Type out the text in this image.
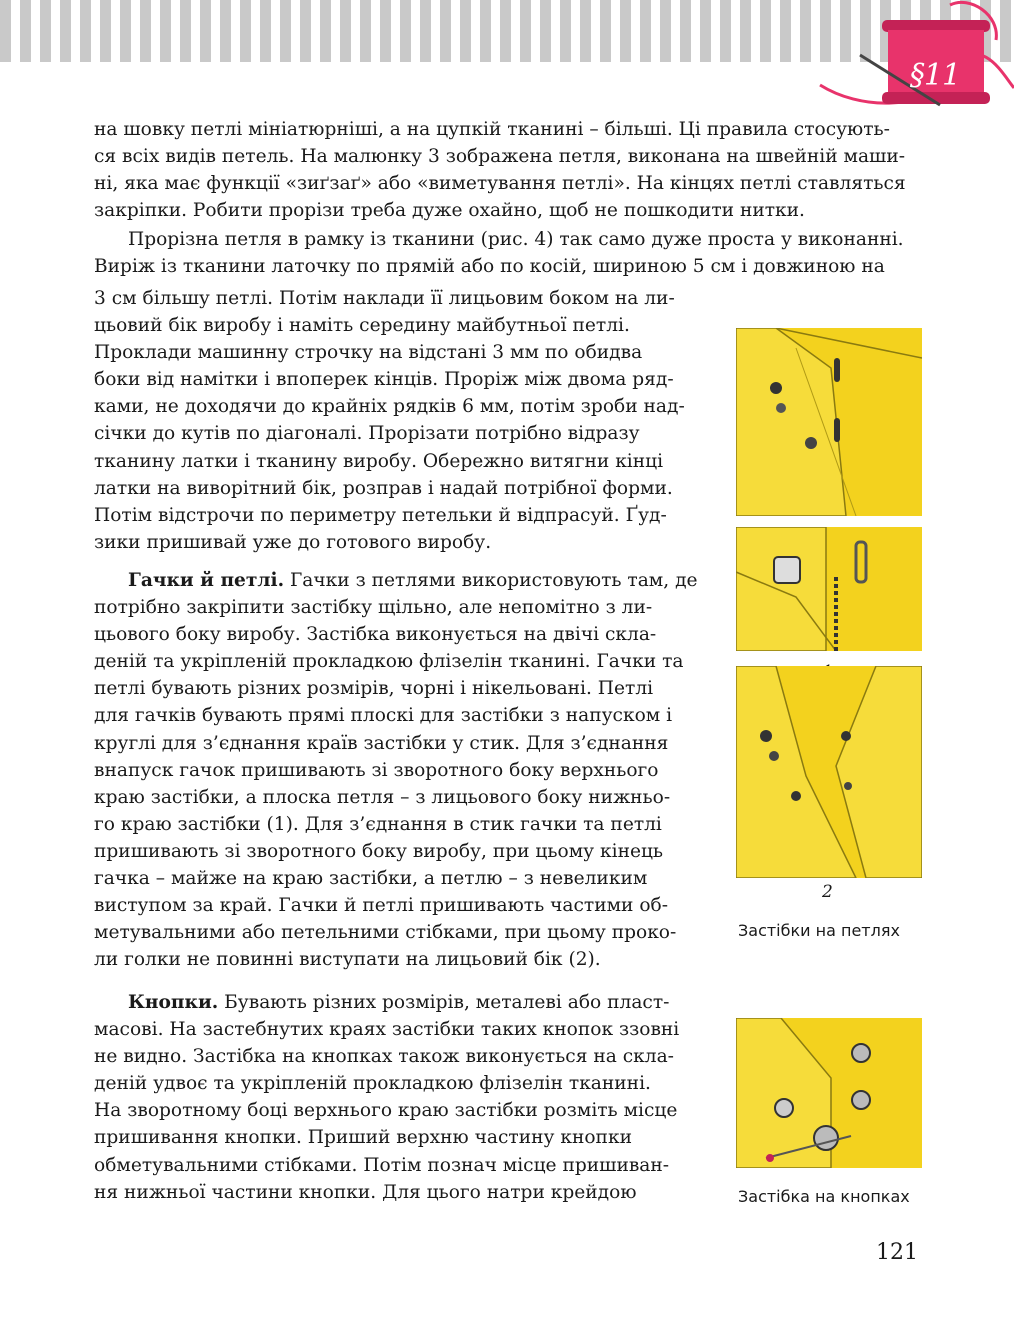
§11
на шовку петлі мініатюрніші, а на цупкій тканині – більші. Ці правила стосують-
ся всіх видів петель. На малюнку 3 зображена петля, виконана на швейній маши-
ні, яка має функції «зиґзаґ» або «виметування петлі». На кінцях петлі ставляться
закріпки. Робити прорізи треба дуже охайно, щоб не пошкодити нитки.
Прорізна петля в рамку із тканини (рис. 4) так само дуже проста у виконанні.
Виріж із тканини латочку по прямій або по косій, шириною 5 см і довжиною на
3 см більшу петлі. Потім наклади її лицьовим боком на ли-
цьовий бік виробу і наміть середину майбутньої петлі.
Проклади машинну строчку на відстані 3 мм по обидва
боки від намітки і впоперек кінців. Проріж між двома ряд-
ками, не доходячи до крайніх рядків 6 мм, потім зроби над-
січки до кутів по діагоналі. Прорізати потрібно відразу
тканину латки і тканину виробу. Обережно витягни кінці
латки на виворітний бік, розправ і надай потрібної форми.
Потім відстрочи по периметру петельки й відпрасуй. Ґуд-
зики пришивай уже до готового виробу.
Гачки й петлі. Гачки з петлями використовують там, де
потрібно закріпити застібку щільно, але непомітно з ли-
цьового боку виробу. Застібка виконується на двічі скла-
деній та укріпленій прокладкою флізелін тканині. Гачки та
петлі бувають різних розмірів, чорні і нікельовані. Петлі
для гачків бувають прямі плоскі для застібки з напуском і
круглі для з’єднання країв застібки у стик. Для з’єднання
внапуск гачок пришивають зі зворотного боку верхнього
краю застібки, а плоска петля – з лицьового боку нижньо-
го краю застібки (1). Для з’єднання в стик гачки та петлі
пришивають зі зворотного боку виробу, при цьому кінець
гачка – майже на краю застібки, а петлю – з невеликим
виступом за край. Гачки й петлі пришивають частими об-
метувальними або петельними стібками, при цьому проко-
ли голки не повинні виступати на лицьовий бік (2).
Кнопки. Бувають різних розмірів, металеві або пласт-
масові. На застебнутих краях застібки таких кнопок ззовні
не видно. Застібка на кнопках також виконується на скла-
деній удвоє та укріпленій прокладкою флізелін тканині.
На зворотному боці верхнього краю застібки розміть місце
пришивання кнопки. Приший верхню частину кнопки
обметувальними стібками. Потім познач місце пришиван-
ня нижньої частини кнопки. Для цього натри крейдою
2
Застібки на петлях
Застібка на кнопках
121
